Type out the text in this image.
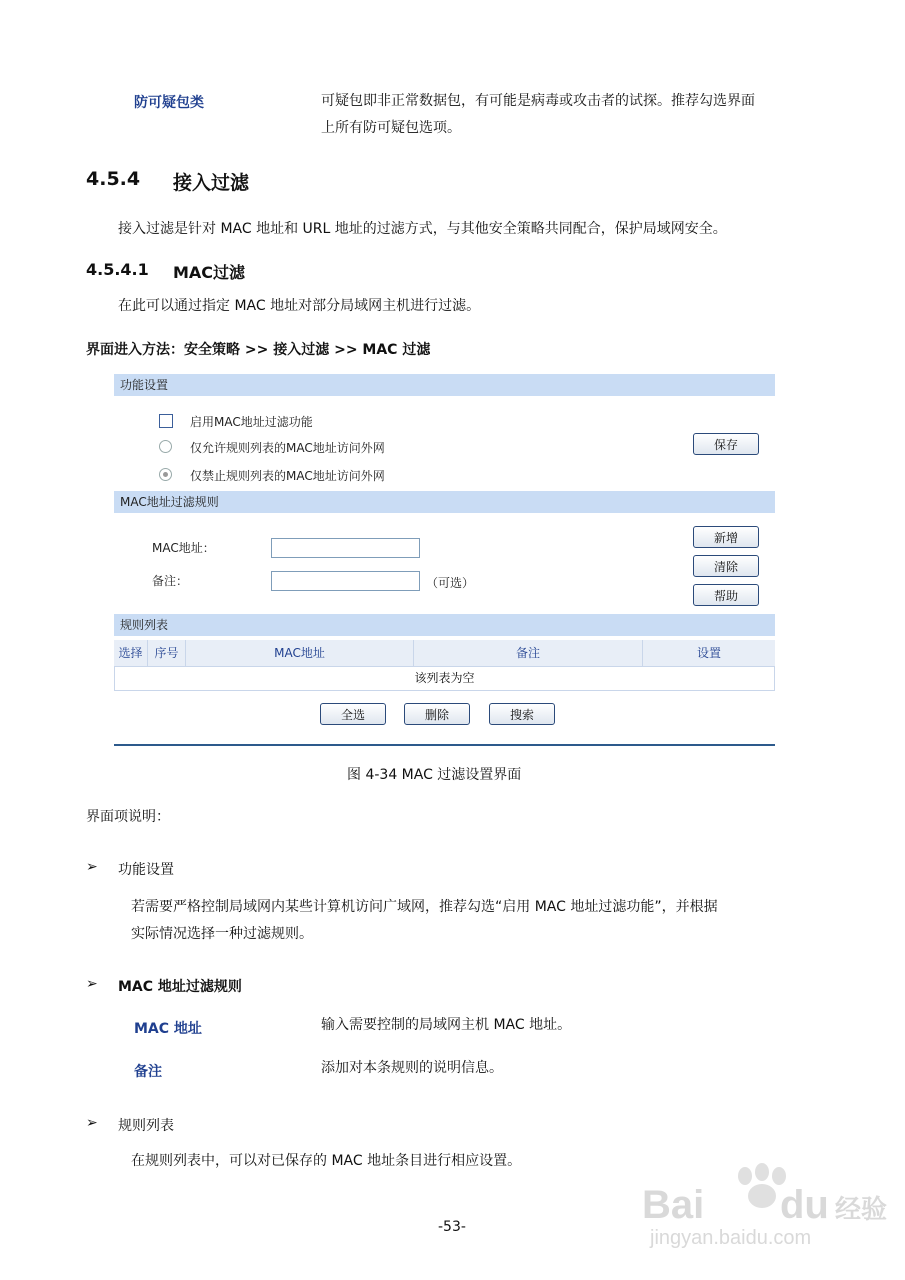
防可疑包类	可疑包即非正常数据包，有可能是病毒或攻击者的试探。推荐勾选界面
上所有防可疑包选项。
4.5.4 接入过滤
接入过滤是针对 MAC 地址和 URL 地址的过滤方式，与其他安全策略共同配合，保护局域网安全。
4.5.4.1 MAC过滤
在此可以通过指定 MAC 地址对部分局域网主机进行过滤。
界面进入方法：安全策略 >> 接入过滤 >> MAC 过滤
功能设置
启用MAC地址过滤功能
仅允许规则列表的MAC地址访问外网
仅禁止规则列表的MAC地址访问外网
保存
MAC地址过滤规则
MAC地址：
备注：	（可选）
新增
清除
帮助
规则列表
选择 序号	MAC地址	备注	设置
该列表为空
全选	删除	搜索
图 4-34 MAC 过滤设置界面
界面项说明：
➢ 功能设置
若需要严格控制局域网内某些计算机访问广域网，推荐勾选“启用 MAC 地址过滤功能”，并根据
实际情况选择一种过滤规则。
➢ MAC 地址过滤规则
MAC 地址	输入需要控制的局域网主机 MAC 地址。
备注	添加对本条规则的说明信息。
➢ 规则列表
在规则列表中，可以对已保存的 MAC 地址条目进行相应设置。
-53-	Bai du 经验
jingyan.baidu.com
